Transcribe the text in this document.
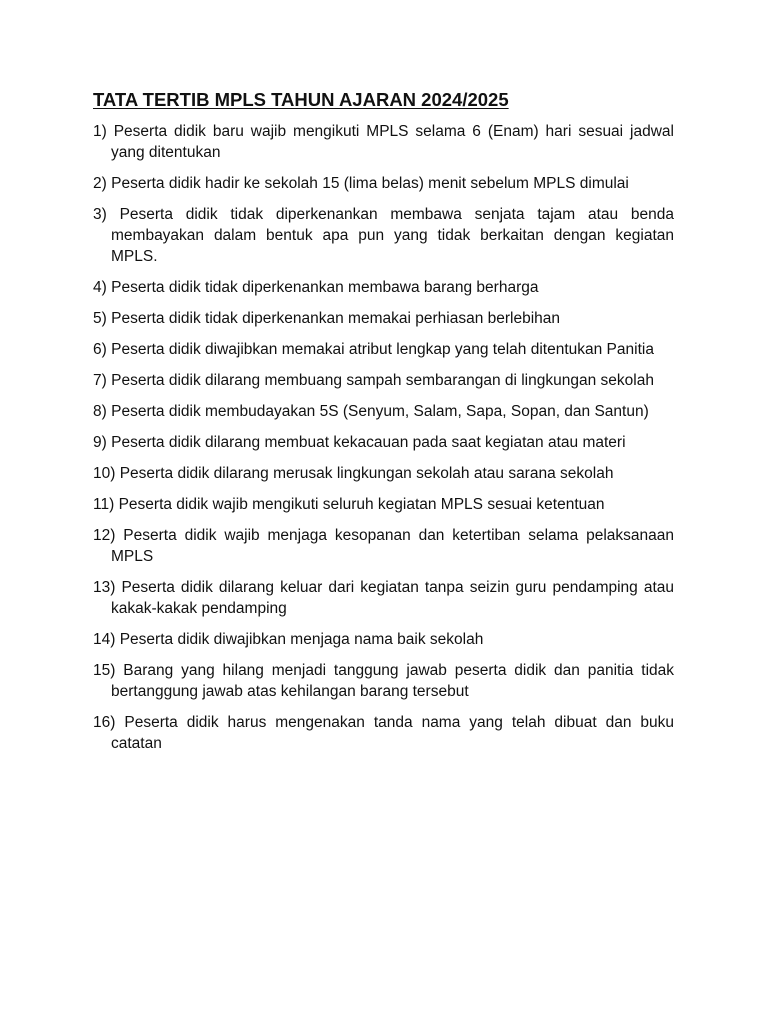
TATA TERTIB MPLS TAHUN AJARAN 2024/2025
1) Peserta didik baru wajib mengikuti MPLS selama 6 (Enam) hari sesuai jadwal yang ditentukan
2) Peserta didik hadir ke sekolah 15 (lima belas) menit sebelum MPLS dimulai
3) Peserta didik tidak diperkenankan membawa senjata tajam atau benda membayakan dalam bentuk apa pun yang tidak berkaitan dengan kegiatan MPLS.
4) Peserta didik tidak diperkenankan membawa barang berharga
5) Peserta didik tidak diperkenankan memakai perhiasan berlebihan
6) Peserta didik diwajibkan memakai atribut lengkap yang telah ditentukan Panitia
7) Peserta didik dilarang membuang sampah sembarangan di lingkungan sekolah
8) Peserta didik membudayakan 5S (Senyum, Salam, Sapa, Sopan, dan Santun)
9) Peserta didik dilarang membuat kekacauan pada saat kegiatan atau materi
10) Peserta didik dilarang merusak lingkungan sekolah atau sarana sekolah
11) Peserta didik wajib mengikuti seluruh kegiatan MPLS sesuai ketentuan
12) Peserta didik wajib menjaga kesopanan dan ketertiban selama pelaksanaan MPLS
13) Peserta didik dilarang keluar dari kegiatan tanpa seizin guru pendamping atau kakak-kakak pendamping
14) Peserta didik diwajibkan menjaga nama baik sekolah
15) Barang yang hilang menjadi tanggung jawab peserta didik dan panitia tidak bertanggung jawab atas kehilangan barang tersebut
16) Peserta didik harus mengenakan tanda nama yang telah dibuat dan buku catatan
